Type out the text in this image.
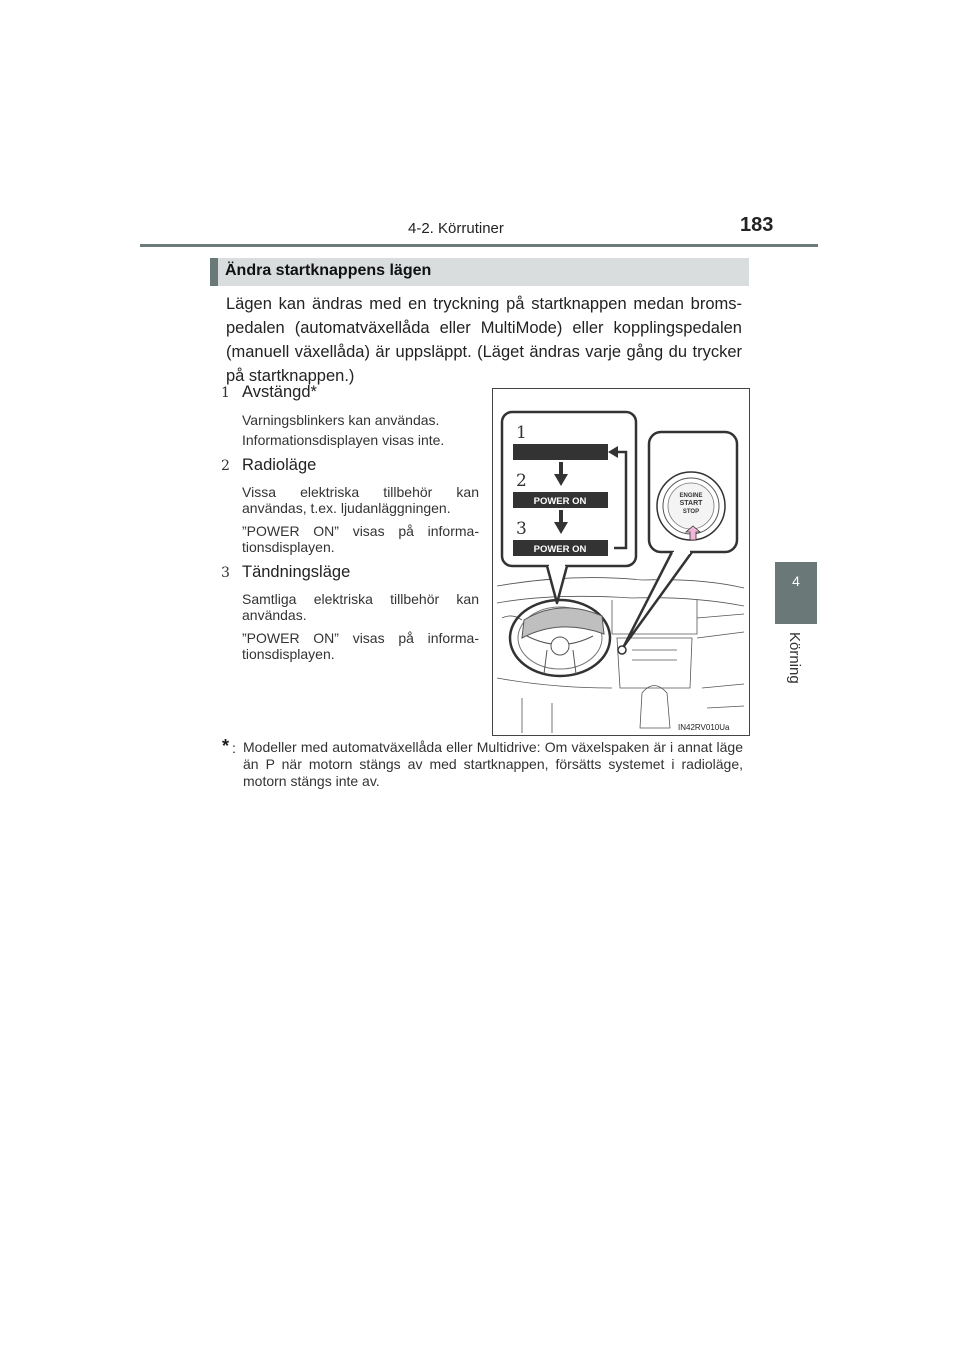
4-2. Körrutiner	183
4
Körning
Ändra startknappens lägen
Lägen kan ändras med en tryckning på startknappen medan bromspedalen (automatväxellåda eller MultiMode) eller kopplingspedalen (manuell växellåda) är uppsläppt. (Läget ändras varje gång du trycker på startknappen.)
1 Avstängd*
Varningsblinkers kan användas.
Informationsdisplayen visas inte.
2 Radioläge
Vissa elektriska tillbehör kan användas, t.ex. ljudanläggningen.
”POWER ON” visas på informationsdisplayen.
3 Tändningsläge
Samtliga elektriska tillbehör kan användas.
”POWER ON” visas på informationsdisplayen.
1
2
3
POWER ON
POWER ON
ENGINE
START
STOP
IN42RV010Ua
* : Modeller med automatväxellåda eller Multidrive: Om växelspaken är i annat läge än P när motorn stängs av med startknappen, försätts systemet i radioläge, motorn stängs inte av.
